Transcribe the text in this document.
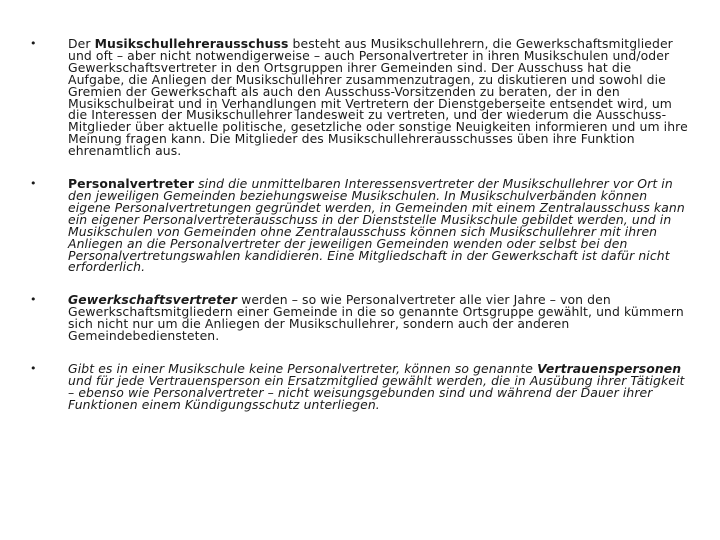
•	Der Musikschullehrerausschuss besteht aus Musikschullehrern, die Gewerkschaftsmitglieder und oft – aber nicht notwendigerweise – auch Personalvertreter in ihren Musikschulen und/oder Gewerkschaftsvertreter in den Ortsgruppen ihrer Gemeinden sind. Der Ausschuss hat die Aufgabe, die Anliegen der Musikschullehrer zusammenzutragen, zu diskutieren und sowohl die Gremien der Gewerkschaft als auch den Ausschuss-Vorsitzenden zu beraten, der in den Musikschulbeirat und in Verhandlungen mit Vertretern der Dienstgeberseite entsendet wird, um die Interessen der Musikschullehrer landesweit zu vertreten, und der wiederum die Ausschuss-Mitglieder über aktuelle politische, gesetzliche oder sonstige Neuigkeiten informieren und um ihre Meinung fragen kann. Die Mitglieder des Musikschullehrerausschusses üben ihre Funktion ehrenamtlich aus.
•	Personalvertreter sind die unmittelbaren Interessensvertreter der Musikschullehrer vor Ort in den jeweiligen Gemeinden beziehungsweise Musikschulen. In Musikschulverbänden können eigene Personalvertretungen gegründet werden, in Gemeinden mit einem Zentralausschuss kann ein eigener Personalvertreterausschuss in der Dienststelle Musikschule gebildet werden, und in Musikschulen von Gemeinden ohne Zentralausschuss können sich Musikschullehrer mit ihren Anliegen an die Personalvertreter der jeweiligen Gemeinden wenden oder selbst bei den Personalvertretungswahlen kandidieren. Eine Mitgliedschaft in der Gewerkschaft ist dafür nicht erforderlich.
•	Gewerkschaftsvertreter werden – so wie Personalvertreter alle vier Jahre – von den Gewerkschaftsmitgliedern einer Gemeinde in die so genannte Ortsgruppe gewählt, und kümmern sich nicht nur um die Anliegen der Musikschullehrer, sondern auch der anderen Gemeindebediensteten.
•	Gibt es in einer Musikschule keine Personalvertreter, können so genannte Vertrauenspersonen und für jede Vertrauensperson ein Ersatzmitglied gewählt werden, die in Ausübung ihrer Tätigkeit – ebenso wie Personalvertreter – nicht weisungsgebunden sind und während der Dauer ihrer Funktionen einem Kündigungsschutz unterliegen.
